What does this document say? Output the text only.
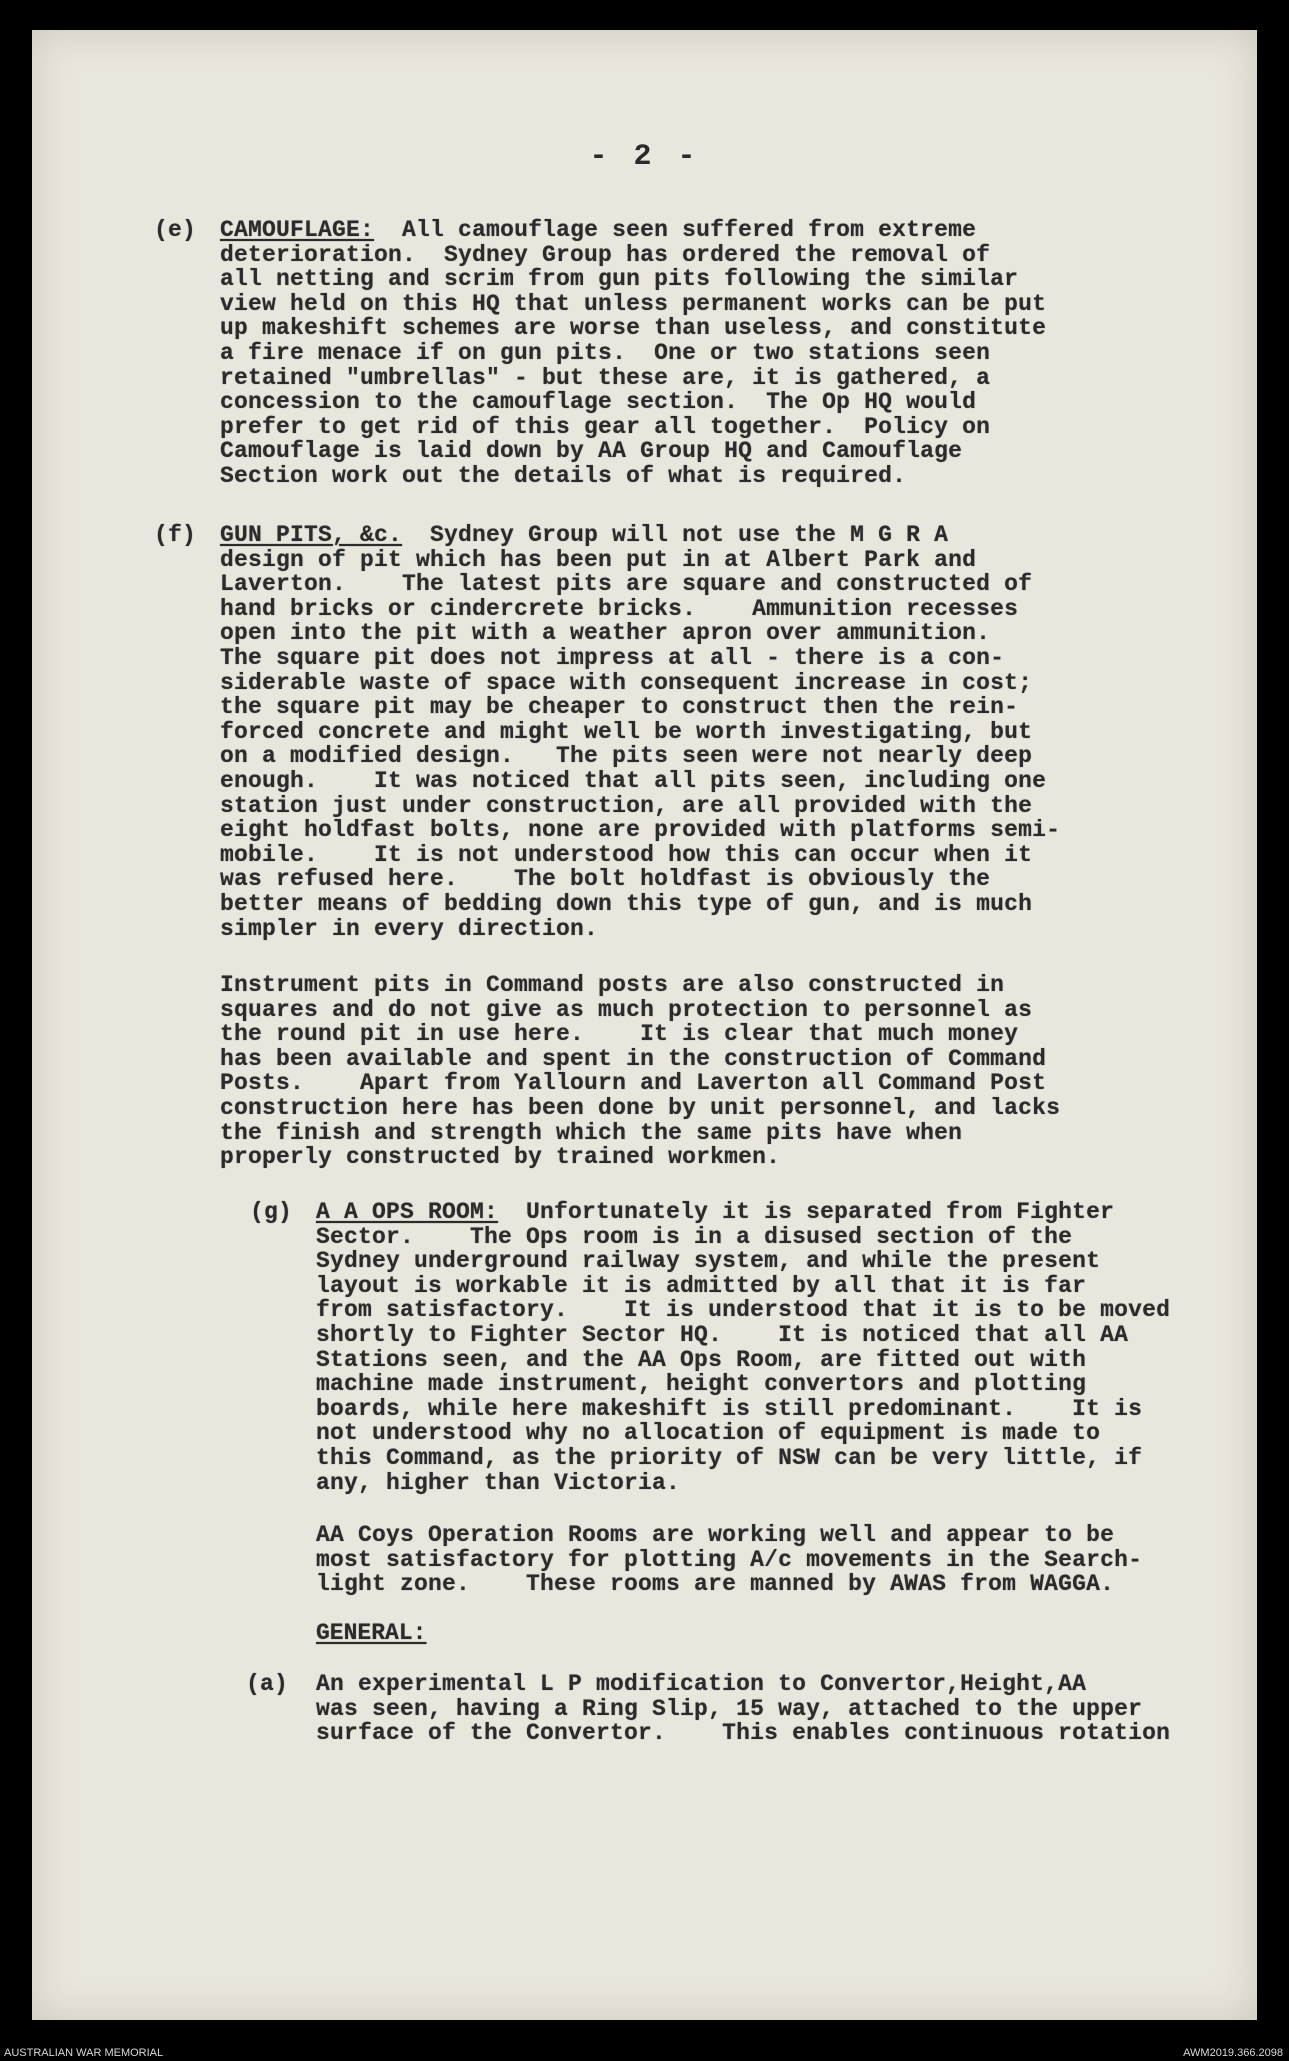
- 2 -
(e) CAMOUFLAGE: All camouflage seen suffered from extreme
deterioration.  Sydney Group has ordered the removal of
all netting and scrim from gun pits following the similar
view held on this HQ that unless permanent works can be put
up makeshift schemes are worse than useless, and constitute
a fire menace if on gun pits.  One or two stations seen
retained "umbrellas" - but these are, it is gathered, a
concession to the camouflage section.  The Op HQ would
prefer to get rid of this gear all together.  Policy on
Camouflage is laid down by AA Group HQ and Camouflage
Section work out the details of what is required.
(f) GUN PITS, &c. Sydney Group will not use the M G R A
design of pit which has been put in at Albert Park and
Laverton.    The latest pits are square and constructed of
hand bricks or cindercrete bricks.    Ammunition recesses
open into the pit with a weather apron over ammunition.
The square pit does not impress at all - there is a con-
siderable waste of space with consequent increase in cost;
the square pit may be cheaper to construct then the rein-
forced concrete and might well be worth investigating, but
on a modified design.   The pits seen were not nearly deep
enough.    It was noticed that all pits seen, including one
station just under construction, are all provided with the
eight holdfast bolts, none are provided with platforms semi-
mobile.    It is not understood how this can occur when it
was refused here.    The bolt holdfast is obviously the
better means of bedding down this type of gun, and is much
simpler in every direction.
Instrument pits in Command posts are also constructed in
squares and do not give as much protection to personnel as
the round pit in use here.    It is clear that much money
has been available and spent in the construction of Command
Posts.    Apart from Yallourn and Laverton all Command Post
construction here has been done by unit personnel, and lacks
the finish and strength which the same pits have when
properly constructed by trained workmen.
(g) A A OPS ROOM: Unfortunately it is separated from Fighter
Sector.    The Ops room is in a disused section of the
Sydney underground railway system, and while the present
layout is workable it is admitted by all that it is far
from satisfactory.    It is understood that it is to be moved
shortly to Fighter Sector HQ.    It is noticed that all AA
Stations seen, and the AA Ops Room, are fitted out with
machine made instrument, height convertors and plotting
boards, while here makeshift is still predominant.    It is
not understood why no allocation of equipment is made to
this Command, as the priority of NSW can be very little, if
any, higher than Victoria.
AA Coys Operation Rooms are working well and appear to be
most satisfactory for plotting A/c movements in the Search-
light zone.    These rooms are manned by AWAS from WAGGA.
GENERAL:
(a) An experimental L P modification to Convertor,Height,AA
was seen, having a Ring Slip, 15 way, attached to the upper
surface of the Convertor.    This enables continuous rotation
AUSTRALIAN WAR MEMORIAL	AWM2019.366.2098
